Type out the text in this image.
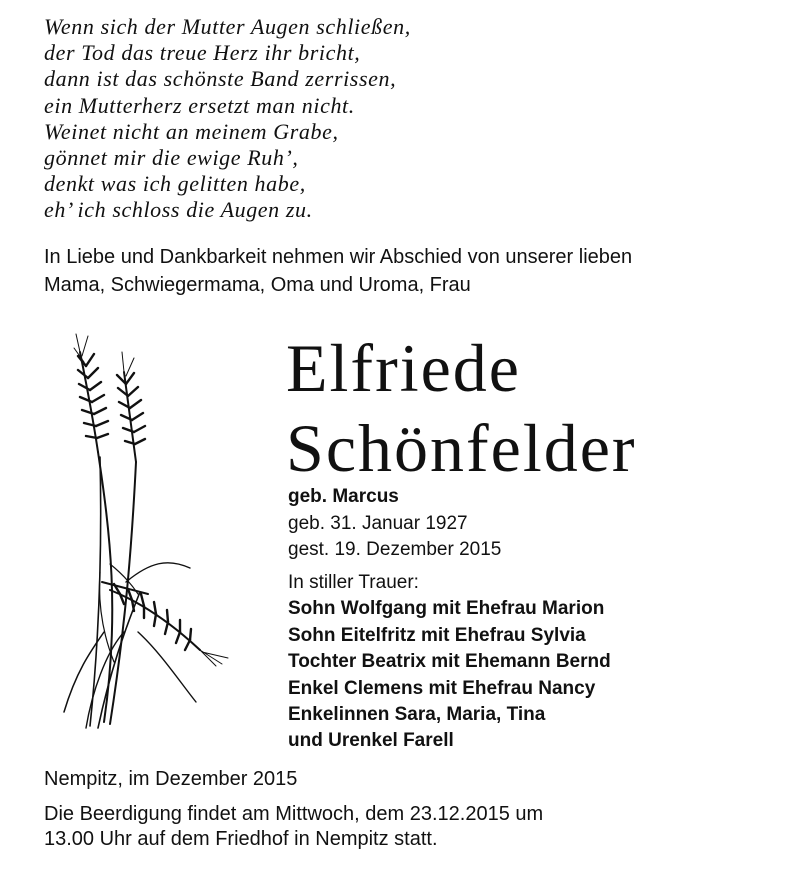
Wenn sich der Mutter Augen schließen,
der Tod das treue Herz ihr bricht,
dann ist das schönste Band zerrissen,
ein Mutterherz ersetzt man nicht.
Weinet nicht an meinem Grabe,
gönnet mir die ewige Ruh’,
denkt was ich gelitten habe,
eh’ ich schloss die Augen zu.
In Liebe und Dankbarkeit nehmen wir Abschied von unserer lieben
Mama, Schwiegermama, Oma und Uroma, Frau
Elfriede
Schönfelder
geb. Marcus
geb. 31. Januar 1927
gest. 19. Dezember 2015
In stiller Trauer:
Sohn Wolfgang mit Ehefrau Marion
Sohn Eitelfritz mit Ehefrau Sylvia
Tochter Beatrix mit Ehemann Bernd
Enkel Clemens mit Ehefrau Nancy
Enkelinnen Sara, Maria, Tina
und Urenkel Farell
Nempitz, im Dezember 2015
Die Beerdigung findet am Mittwoch, dem 23.12.2015 um
13.00 Uhr auf dem Friedhof in Nempitz statt.
